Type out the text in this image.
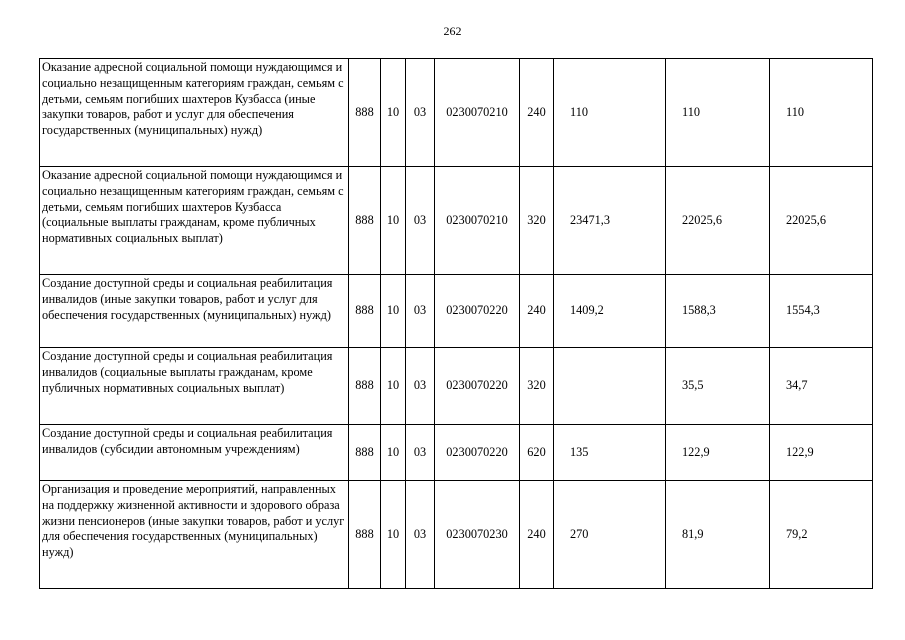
262
Оказание адресной социальной помощи нуждающимся и социально незащищенным категориям граждан, семьям с детьми, семьям погибших шахтеров Кузбасса (иные закупки товаров, работ и услуг для обеспечения государственных (муниципальных) нужд)	888	10	03	0230070210	240	110	110	110
Оказание адресной социальной помощи нуждающимся и социально незащищенным категориям граждан, семьям с детьми, семьям погибших шахтеров Кузбасса (социальные выплаты гражданам, кроме публичных нормативных социальных выплат)	888	10	03	0230070210	320	23471,3	22025,6	22025,6
Создание доступной среды и социальная реабилитация инвалидов (иные закупки товаров, работ и услуг для обеспечения государственных (муниципальных) нужд)	888	10	03	0230070220	240	1409,2	1588,3	1554,3
Создание доступной среды и социальная реабилитация инвалидов (социальные выплаты гражданам, кроме публичных нормативных социальных выплат)	888	10	03	0230070220	320		35,5	34,7
Создание доступной среды и социальная реабилитация инвалидов (субсидии автономным учреждениям)	888	10	03	0230070220	620	135	122,9	122,9
Организация и проведение мероприятий, направленных на поддержку жизненной активности и здорового образа жизни пенсионеров (иные закупки товаров, работ и услуг для обеспечения государственных (муниципальных) нужд)	888	10	03	0230070230	240	270	81,9	79,2
